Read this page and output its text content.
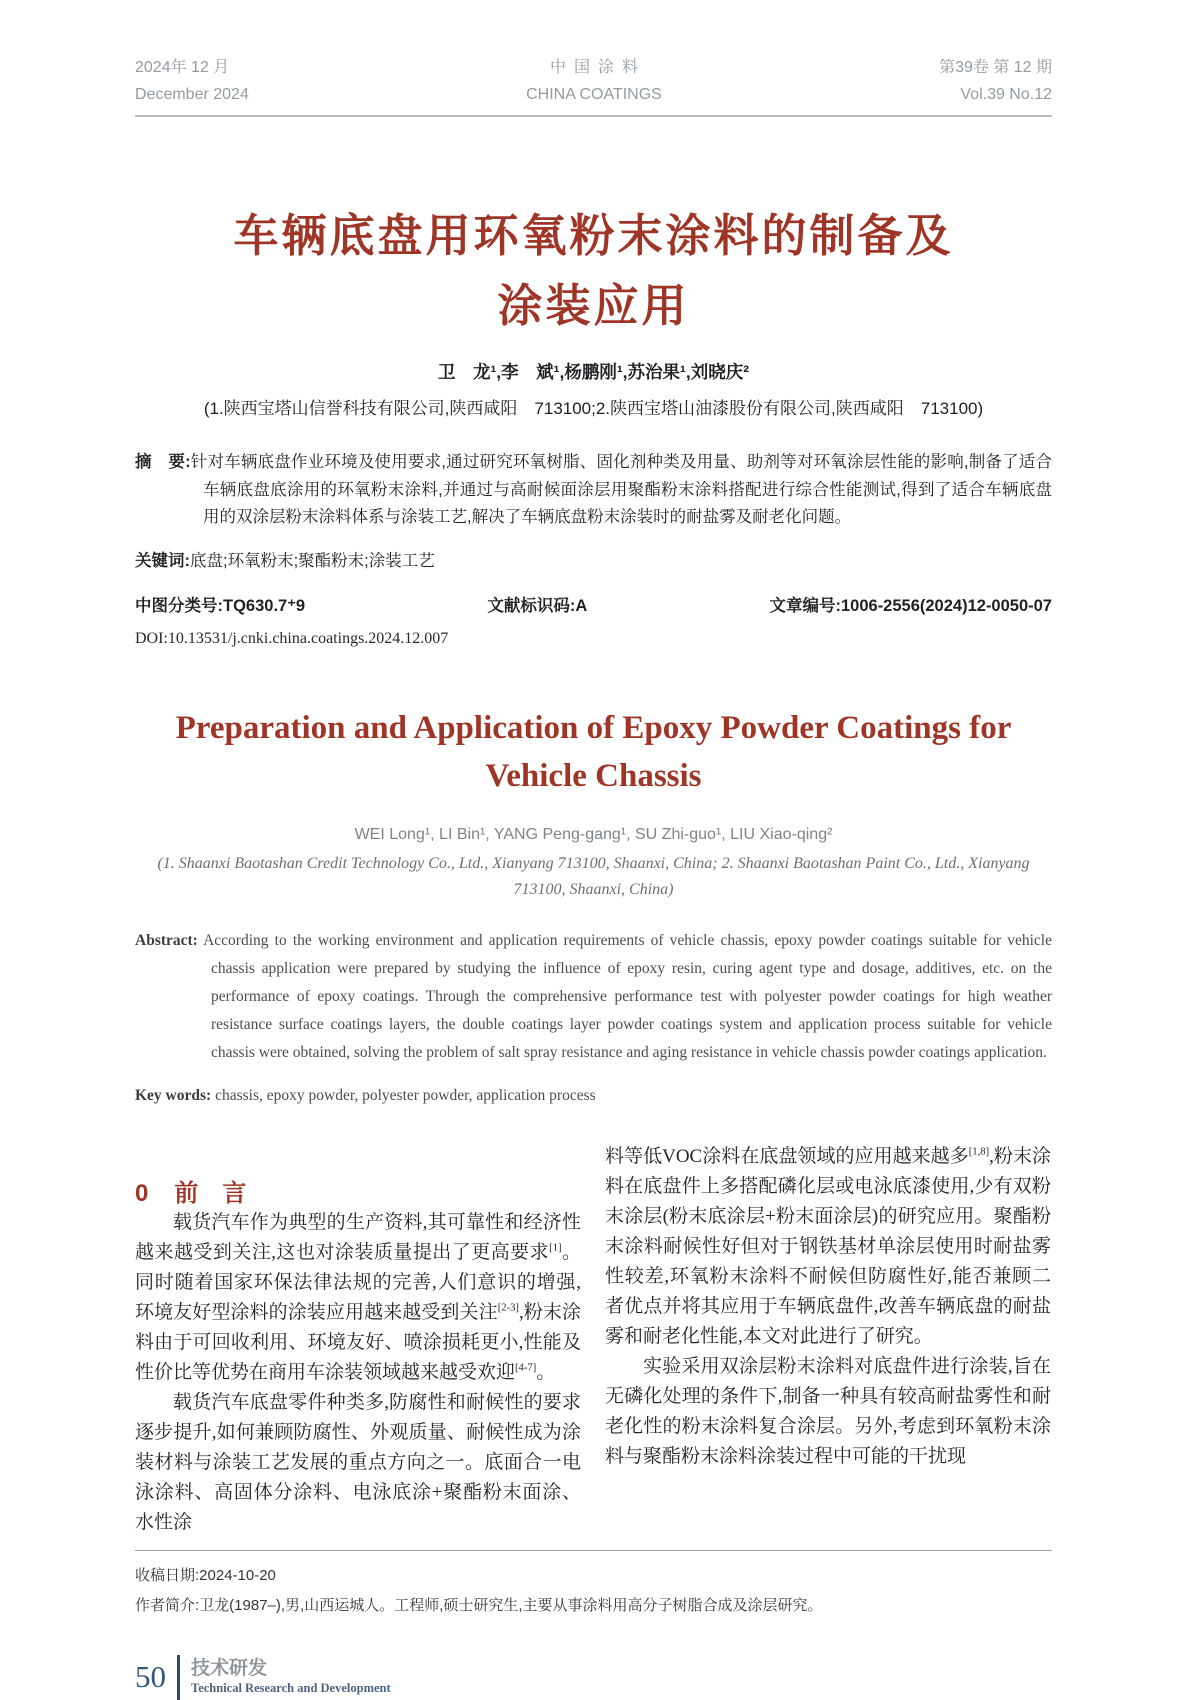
2024年 12 月
December 2024
中国涂料
CHINA COATINGS
第39卷 第 12 期
Vol.39 No.12
车辆底盘用环氧粉末涂料的制备及
涂装应用
卫　龙¹,李　斌¹,杨鹏刚¹,苏治果¹,刘晓庆²
(1.陕西宝塔山信誉科技有限公司,陕西咸阳　713100;2.陕西宝塔山油漆股份有限公司,陕西咸阳　713100)

摘　要:针对车辆底盘作业环境及使用要求,通过研究环氧树脂、固化剂种类及用量、助剂等对环氧涂层性能的影响,制备了适合车辆底盘底涂用的环氧粉末涂料,并通过与高耐候面涂层用聚酯粉末涂料搭配进行综合性能测试,得到了适合车辆底盘用的双涂层粉末涂料体系与涂装工艺,解决了车辆底盘粉末涂装时的耐盐雾及耐老化问题。

关键词:底盘;环氧粉末;聚酯粉末;涂装工艺

中图分类号:TQ630.7⁺9	文献标识码:A	文章编号:1006-2556(2024)12-0050-07
DOI:10.13531/j.cnki.china.coatings.2024.12.007
Preparation and Application of Epoxy Powder Coatings for
Vehicle Chassis
WEI Long¹, LI Bin¹, YANG Peng-gang¹, SU Zhi-guo¹, LIU Xiao-qing²
(1. Shaanxi Baotashan Credit Technology Co., Ltd., Xianyang 713100, Shaanxi, China; 2. Shaanxi Baotashan Paint Co., Ltd., Xianyang 713100, Shaanxi, China)

Abstract: According to the working environment and application requirements of vehicle chassis, epoxy powder coatings suitable for vehicle chassis application were prepared by studying the influence of epoxy resin, curing agent type and dosage, additives, etc. on the performance of epoxy coatings. Through the comprehensive performance test with polyester powder coatings for high weather resistance surface coatings layers, the double coatings layer powder coatings system and application process suitable for vehicle chassis were obtained, solving the problem of salt spray resistance and aging resistance in vehicle chassis powder coatings application.

Key words: chassis, epoxy powder, polyester powder, application process

0 前　言

载货汽车作为典型的生产资料,其可靠性和经济性越来越受到关注,这也对涂装质量提出了更高要求[1]。同时随着国家环保法律法规的完善,人们意识的增强,环境友好型涂料的涂装应用越来越受到关注[2-3],粉末涂料由于可回收利用、环境友好、喷涂损耗更小,性能及性价比等优势在商用车涂装领域越来越受欢迎[4-7]。

载货汽车底盘零件种类多,防腐性和耐候性的要求逐步提升,如何兼顾防腐性、外观质量、耐候性成为涂装材料与涂装工艺发展的重点方向之一。底面合一电泳涂料、高固体分涂料、电泳底涂+聚酯粉末面涂、水性涂

料等低VOC涂料在底盘领域的应用越来越多[1,8],粉末涂料在底盘件上多搭配磷化层或电泳底漆使用,少有双粉末涂层(粉末底涂层+粉末面涂层)的研究应用。聚酯粉末涂料耐候性好但对于钢铁基材单涂层使用时耐盐雾性较差,环氧粉末涂料不耐候但防腐性好,能否兼顾二者优点并将其应用于车辆底盘件,改善车辆底盘的耐盐雾和耐老化性能,本文对此进行了研究。

实验采用双涂层粉末涂料对底盘件进行涂装,旨在无磷化处理的条件下,制备一种具有较高耐盐雾性和耐老化性的粉末涂料复合涂层。另外,考虑到环氧粉末涂料与聚酯粉末涂料涂装过程中可能的干扰现

收稿日期:2024-10-20
作者简介:卫龙(1987–),男,山西运城人。工程师,硕士研究生,主要从事涂料用高分子树脂合成及涂层研究。
50 技术研发
Technical Research and Development
